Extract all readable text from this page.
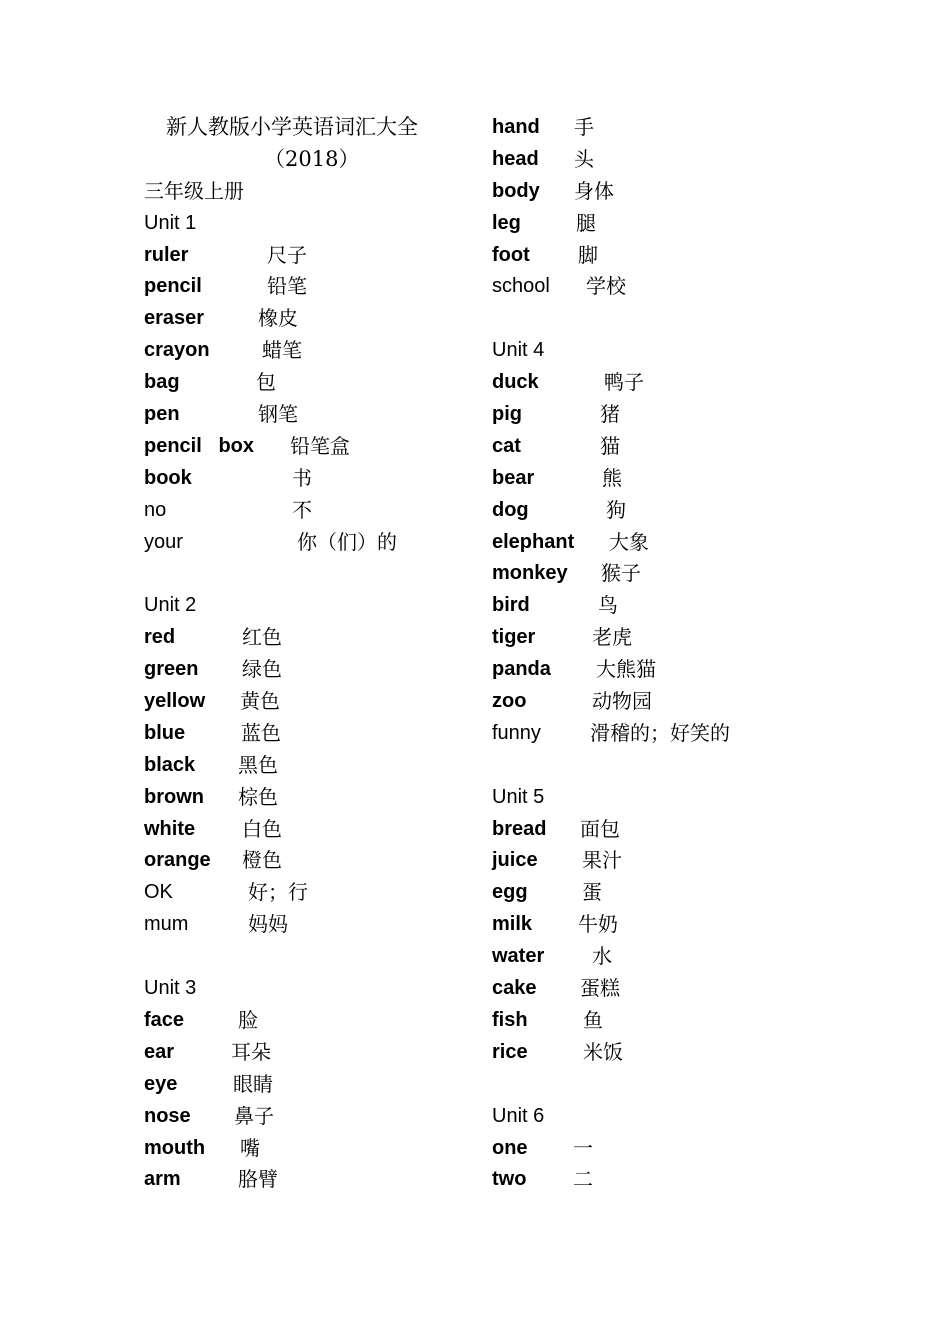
新人教版小学英语词汇大全
（2018）
三年级上册
Unit 1
ruler	尺子
pencil	铅笔
eraser	橡皮
crayon	蜡笔
bag	包
pen	钢笔
pencil   box 铅笔盒
book	书
no	不
your	你（们）的
Unit 2
red	红色
green 绿色
yellow 黄色
blue	蓝色
black 黑色
brown 棕色
white 白色
orange 橙色
OK	好；行
mum	妈妈
Unit 3
face	脸
ear	耳朵
eye	眼睛
nose 鼻子
mouth 嘴
arm	胳臂
hand 手
head 头
body 身体
leg	腿
foot 脚
school 学校
Unit 4
duck	鸭子
pig	猪
cat	猫
bear	熊
dog	狗
elephant 大象
monkey 猴子
bird	鸟
tiger	老虎
panda 大熊猫
zoo	动物园
funny 滑稽的；好笑的
Unit 5
bread 面包
juice 果汁
egg	蛋
milk 牛奶
water 水
cake 蛋糕
fish	鱼
rice	米饭
Unit 6
one 一
two 二
